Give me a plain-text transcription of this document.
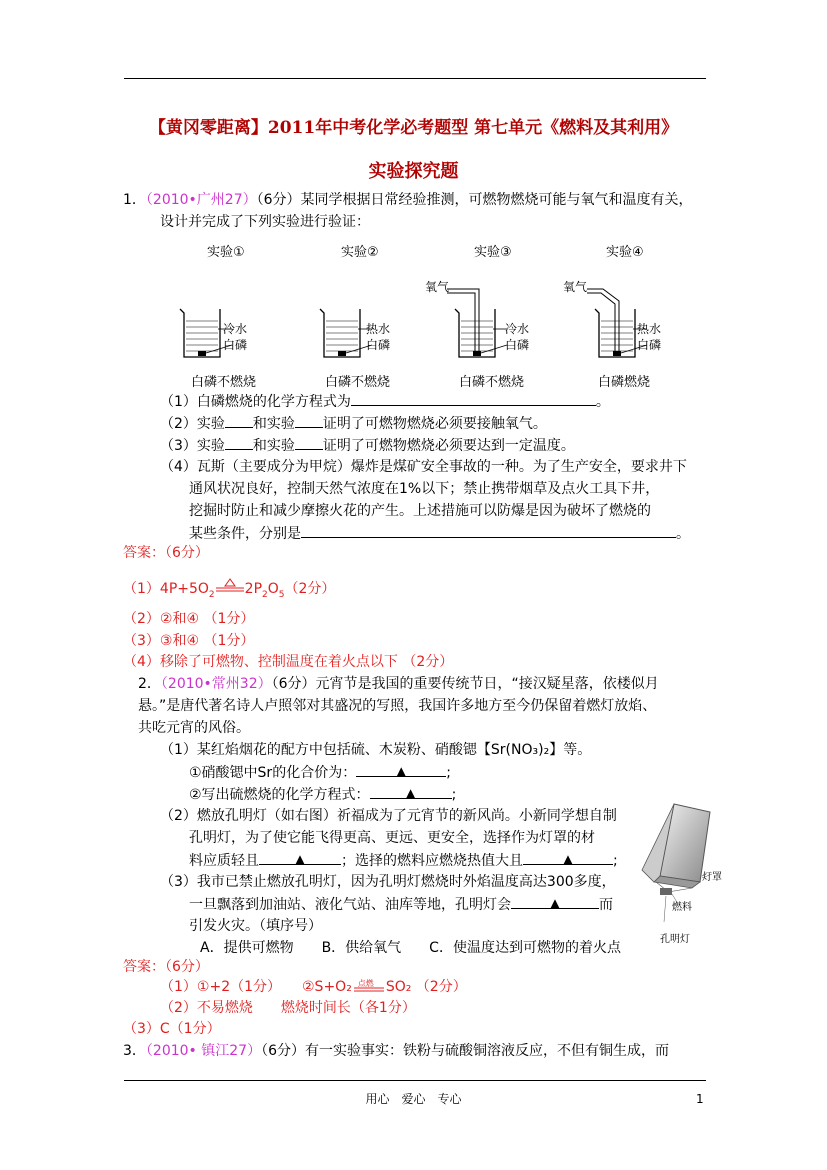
【黄冈零距离】2011年中考化学必考题型 第七单元《燃料及其利用》
实验探究题
1．（2010•广州27）（6分）某同学根据日常经验推测，可燃物燃烧可能与氧气和温度有关，
设计并完成了下列实验进行验证：
实验①	实验②	实验③	实验④
氧气	氧气
冷水
白磷
热水
白磷
冷水
白磷
热水
白磷
白磷不燃烧	白磷不燃烧	白磷不燃烧	白磷燃烧
（1）白磷燃烧的化学方程式为	。
（2）实验 和实验 证明了可燃物燃烧必须要接触氧气。
（3）实验 和实验 证明了可燃物燃烧必须要达到一定温度。
（4）瓦斯（主要成分为甲烷）爆炸是煤矿安全事故的一种。为了生产安全，要求井下
通风状况良好，控制天然气浓度在1%以下；禁止携带烟草及点火工具下井，
挖掘时防止和减少摩擦火花的产生。上述措施可以防爆是因为破坏了燃烧的
某些条件，分别是	。
答案：（6分）
$(1)4P+5O_2$ $2P_2O_5(2$分）
（2）②和④ （1分）
（3）③和④ （1分）
（4）移除了可燃物、控制温度在着火点以下 （2分）
2．（2010•常州32）（6分）元宵节是我国的重要传统节日，“接汉疑星落，依楼似月
悬。”是唐代著名诗人卢照邻对其盛况的写照，我国许多地方至今仍保留着燃灯放焰、
共吃元宵的风俗。
（1）某红焰烟花的配方中包括硫、木炭粉、硝酸锶【Sr(NO₃)₂】等。
①硝酸锶中Sr的化合价为：	▲	;
②写出硫燃烧的化学方程式：	▲	;
（2）燃放孔明灯（如右图）祈福成为了元宵节的新风尚。小新同学想自制
孔明灯，为了使它能飞得更高、更远、更安全，选择作为灯罩的材
料应质轻且	▲	；选择的燃料应燃烧热值大且	▲	;
（3）我市已禁止燃放孔明灯，因为孔明灯燃烧时外焰温度高达300多度，
一旦飘落到加油站、液化气站、油库等地，孔明灯会	▲	而
引发火灾。（填序号）
A．提供可燃物　　B．供给氧气　　C．使温度达到可燃物的着火点
灯罩
燃料
孔明灯
答案：（6分）
（1）①+2（1分）　　②S+O₂ 点燃 SO₂ （2分）
（2）不易燃烧　　燃烧时间长（各1分）
（3）C（1分）
3．（2010• 镇江27）（6分）有一实验事实：铁粉与硫酸铜溶液反应，不但有铜生成，而
用心　爱心　专心	1
